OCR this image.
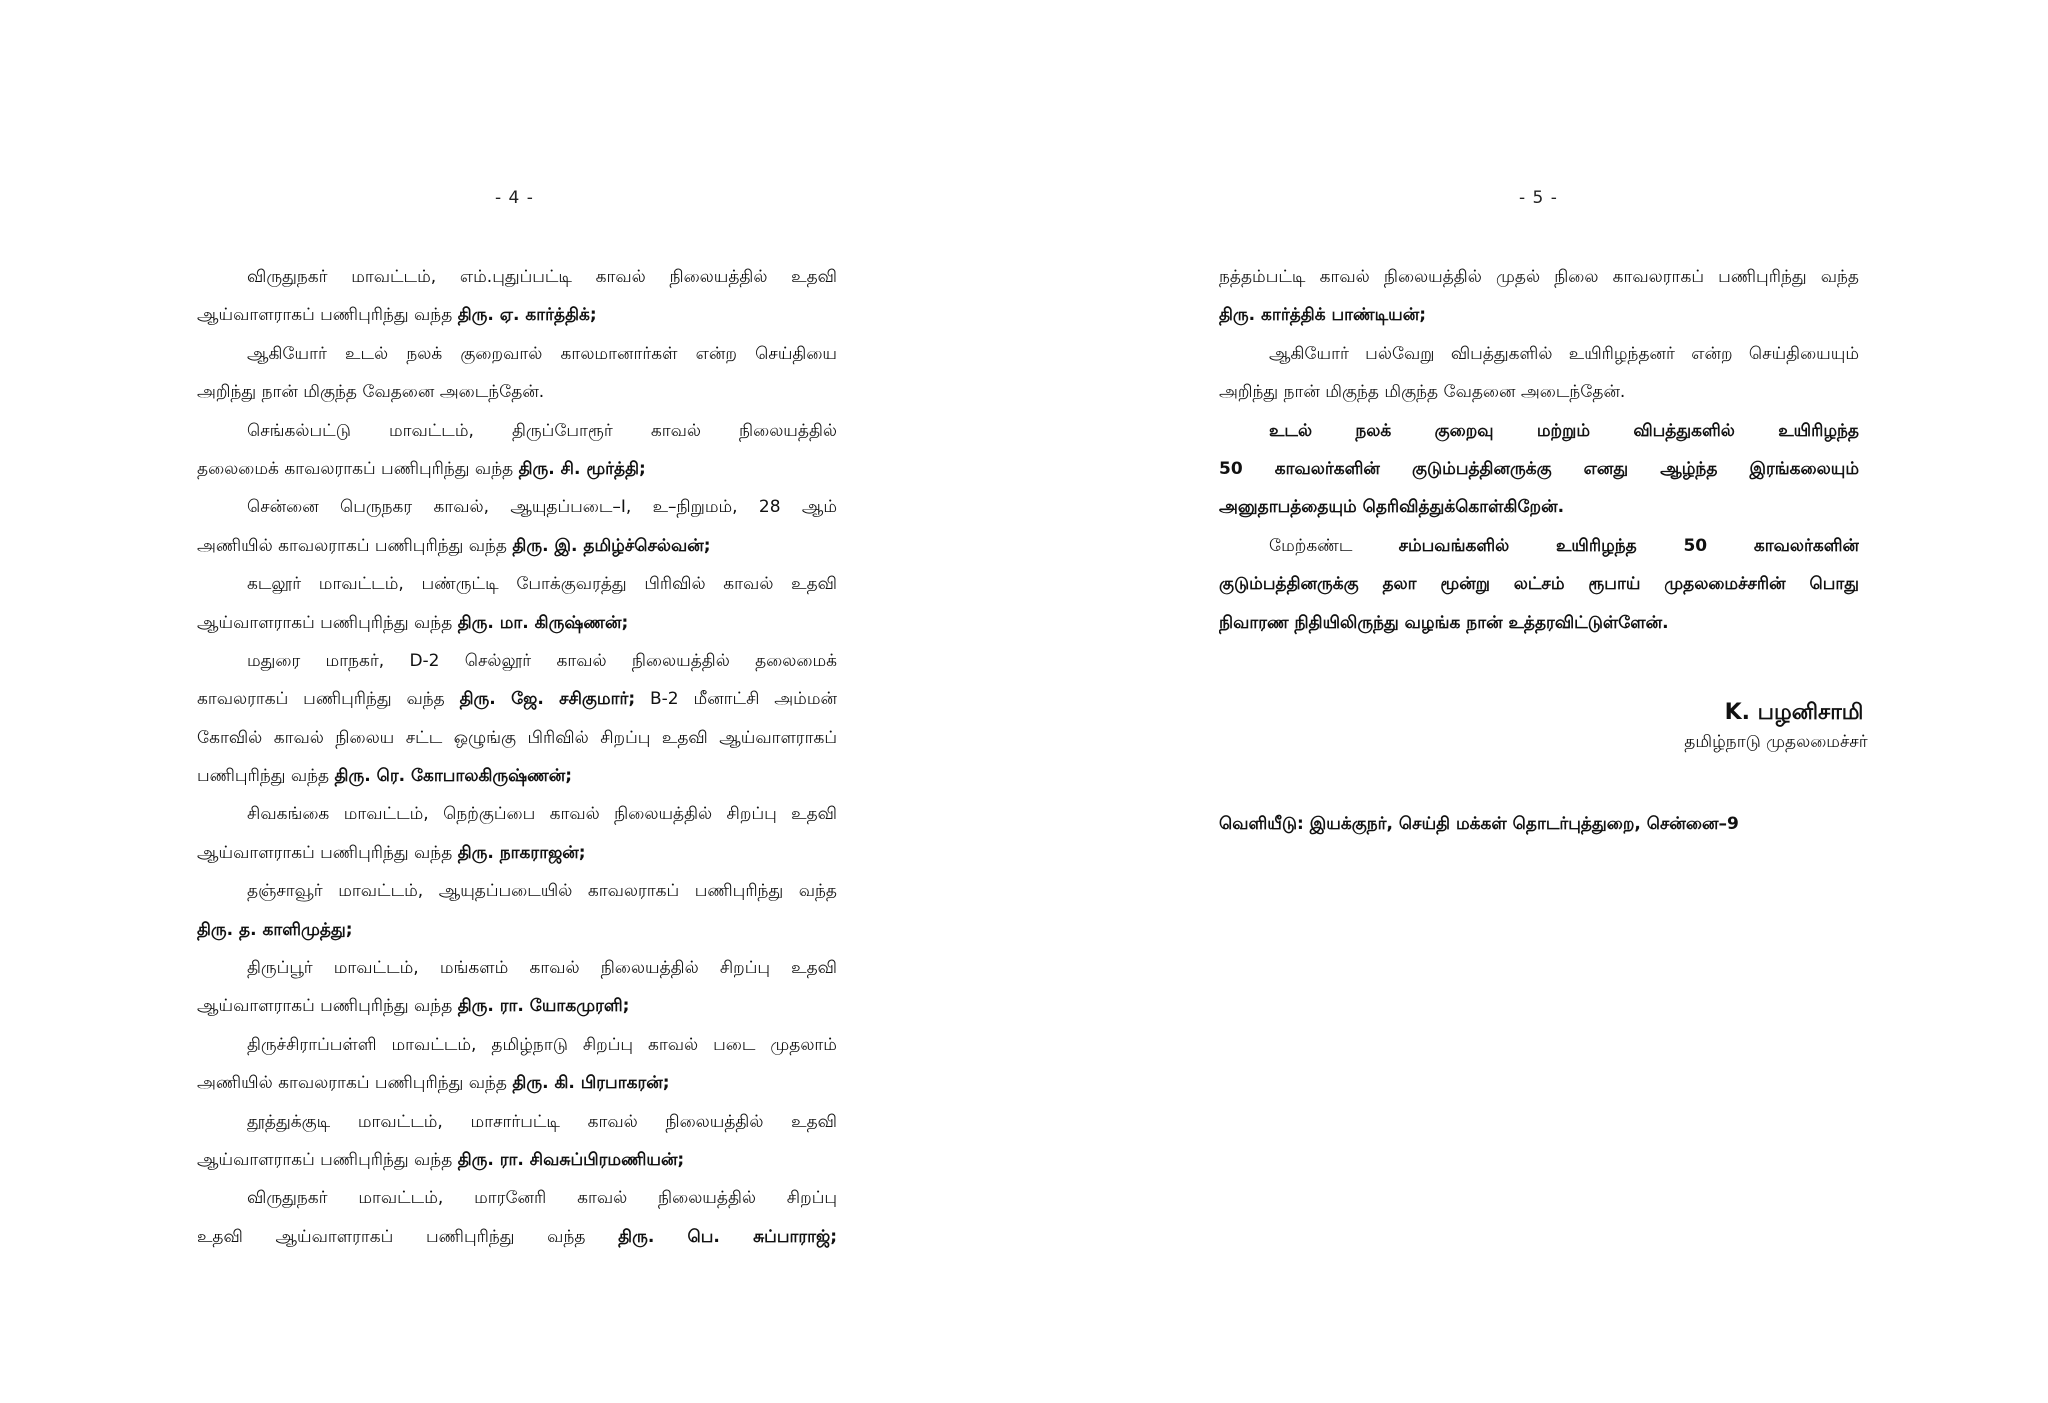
- 4 -
விருதுநகர் மாவட்டம், எம்.புதுப்பட்டி காவல் நிலையத்தில் உதவி
ஆய்வாளராகப் பணிபுரிந்து வந்த திரு. ஏ. கார்த்திக்;
ஆகியோர் உடல் நலக் குறைவால் காலமானார்கள் என்ற செய்தியை
அறிந்து நான் மிகுந்த வேதனை அடைந்தேன்.
செங்கல்பட்டு மாவட்டம், திருப்போரூர் காவல் நிலையத்தில்
தலைமைக் காவலராகப் பணிபுரிந்து வந்த திரு. சி. மூர்த்தி;
சென்னை பெருநகர காவல், ஆயுதப்படை–I, உ–நிறுமம், 28 ஆம்
அணியில் காவலராகப் பணிபுரிந்து வந்த திரு. இ. தமிழ்ச்செல்வன்;
கடலூர் மாவட்டம், பண்ருட்டி போக்குவரத்து பிரிவில் காவல் உதவி
ஆய்வாளராகப் பணிபுரிந்து வந்த திரு. மா. கிருஷ்ணன்;
மதுரை மாநகர், D-2 செல்லூர் காவல் நிலையத்தில் தலைமைக்
காவலராகப் பணிபுரிந்து வந்த திரு. ஜே. சசிகுமார்; B-2 மீனாட்சி அம்மன்
கோவில் காவல் நிலைய சட்ட ஒழுங்கு பிரிவில் சிறப்பு உதவி ஆய்வாளராகப்
பணிபுரிந்து வந்த திரு. ரெ. கோபாலகிருஷ்ணன்;
சிவகங்கை மாவட்டம், நெற்குப்பை காவல் நிலையத்தில் சிறப்பு உதவி
ஆய்வாளராகப் பணிபுரிந்து வந்த திரு. நாகராஜன்;
தஞ்சாவூர் மாவட்டம், ஆயுதப்படையில் காவலராகப் பணிபுரிந்து வந்த
திரு. த. காளிமுத்து;
திருப்பூர் மாவட்டம், மங்களம் காவல் நிலையத்தில் சிறப்பு உதவி
ஆய்வாளராகப் பணிபுரிந்து வந்த திரு. ரா. யோகமுரளி;
திருச்சிராப்பள்ளி மாவட்டம், தமிழ்நாடு சிறப்பு காவல் படை முதலாம்
அணியில் காவலராகப் பணிபுரிந்து வந்த திரு. கி. பிரபாகரன்;
தூத்துக்குடி மாவட்டம், மாசார்பட்டி காவல் நிலையத்தில் உதவி
ஆய்வாளராகப் பணிபுரிந்து வந்த திரு. ரா. சிவசுப்பிரமணியன்;
விருதுநகர் மாவட்டம், மாரனேரி காவல் நிலையத்தில் சிறப்பு
உதவி ஆய்வாளராகப் பணிபுரிந்து வந்த திரு. பெ. சுப்பாராஜ்;
- 5 -
நத்தம்பட்டி காவல் நிலையத்தில் முதல் நிலை காவலராகப் பணிபுரிந்து வந்த
திரு. கார்த்திக் பாண்டியன்;
ஆகியோர் பல்வேறு விபத்துகளில் உயிரிழந்தனர் என்ற செய்தியையும்
அறிந்து நான் மிகுந்த மிகுந்த வேதனை அடைந்தேன்.
உடல் நலக் குறைவு மற்றும் விபத்துகளில் உயிரிழந்த
50 காவலர்களின் குடும்பத்தினருக்கு எனது ஆழ்ந்த இரங்கலையும்
அனுதாபத்தையும் தெரிவித்துக்கொள்கிறேன்.
மேற்கண்ட சம்பவங்களில் உயிரிழந்த 50 காவலர்களின்
குடும்பத்தினருக்கு தலா மூன்று லட்சம் ரூபாய் முதலமைச்சரின் பொது
நிவாரண நிதியிலிருந்து வழங்க நான் உத்தரவிட்டுள்ளேன்.
K. பழனிசாமி
தமிழ்நாடு முதலமைச்சர்
வெளியீடு: இயக்குநர், செய்தி மக்கள் தொடர்புத்துறை, சென்னை–9
